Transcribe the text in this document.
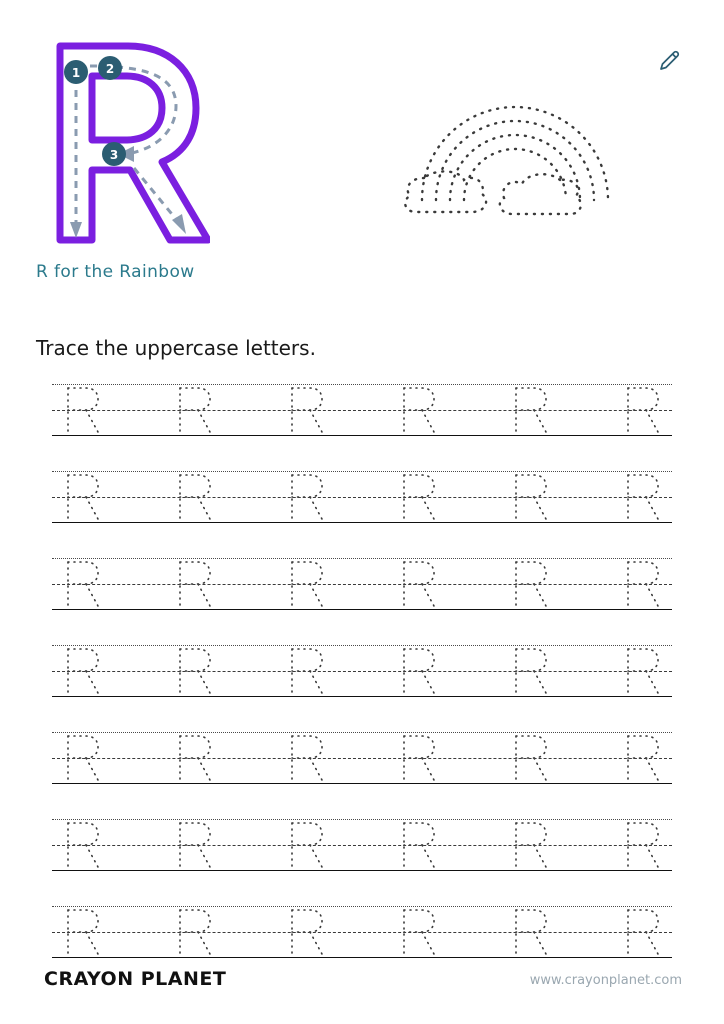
1 2
3
R for the Rainbow
Trace the uppercase letters.
CRAYON PLANET	www.crayonplanet.com
